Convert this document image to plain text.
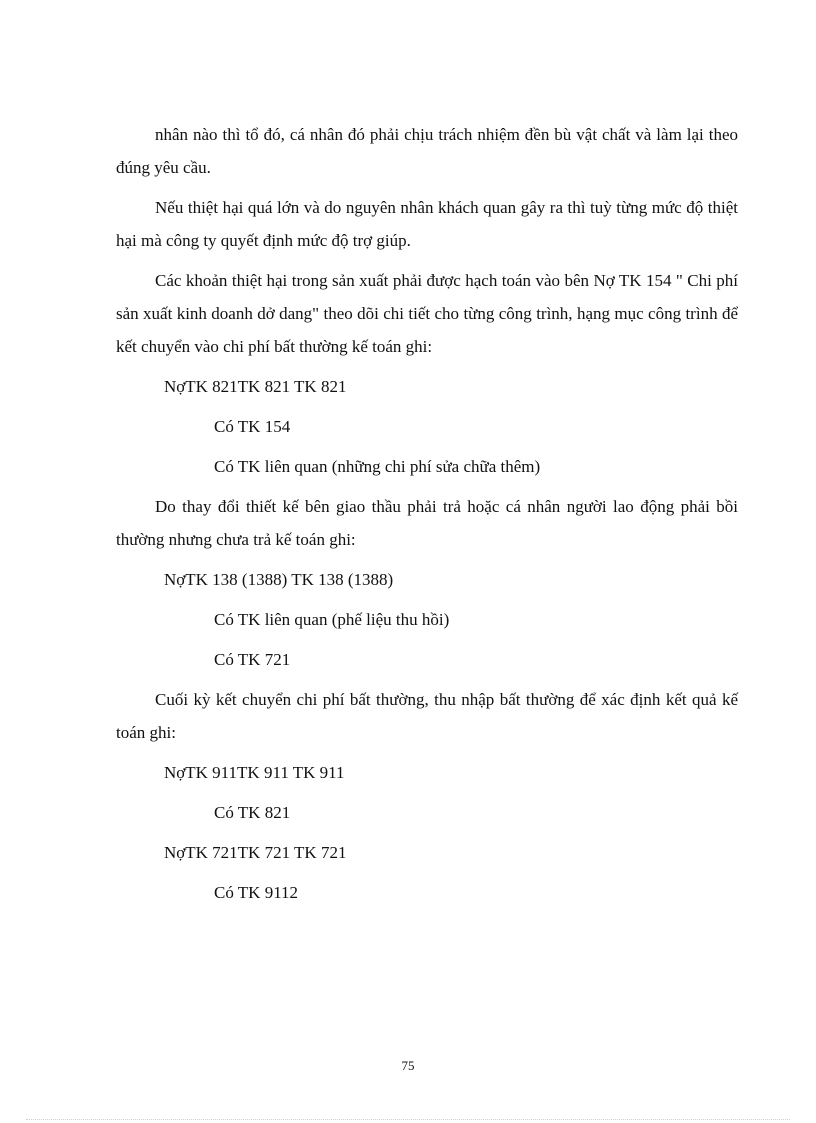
nhân nào thì tổ đó, cá nhân đó phải chịu trách nhiệm đền bù vật chất và làm lại theo đúng yêu cầu.

Nếu thiệt hại quá lớn và do nguyên nhân khách quan gây ra thì tuỳ từng mức độ thiệt hại mà công ty quyết định mức độ trợ giúp.

Các khoản thiệt hại trong sản xuất phải được hạch toán vào bên Nợ TK 154 " Chi phí sản xuất kinh doanh dở dang" theo dõi chi tiết cho từng công trình, hạng mục công trình để kết chuyển vào chi phí bất thường kế toán ghi:

NợTK 821TK 821 TK 821
Có TK 154
Có TK liên quan (những chi phí sửa chữa thêm)

Do thay đổi thiết kế bên giao thầu phải trả hoặc cá nhân người lao động phải bồi thường nhưng chưa trả kế toán ghi:

NợTK 138 (1388) TK 138 (1388)
Có TK liên quan (phế liệu thu hồi)
Có TK 721

Cuối kỳ kết chuyển chi phí bất thường, thu nhập bất thường để xác định kết quả kế toán ghi:

NợTK 911TK 911 TK 911
Có TK 821
NợTK 721TK 721 TK 721
Có TK 9112
75
